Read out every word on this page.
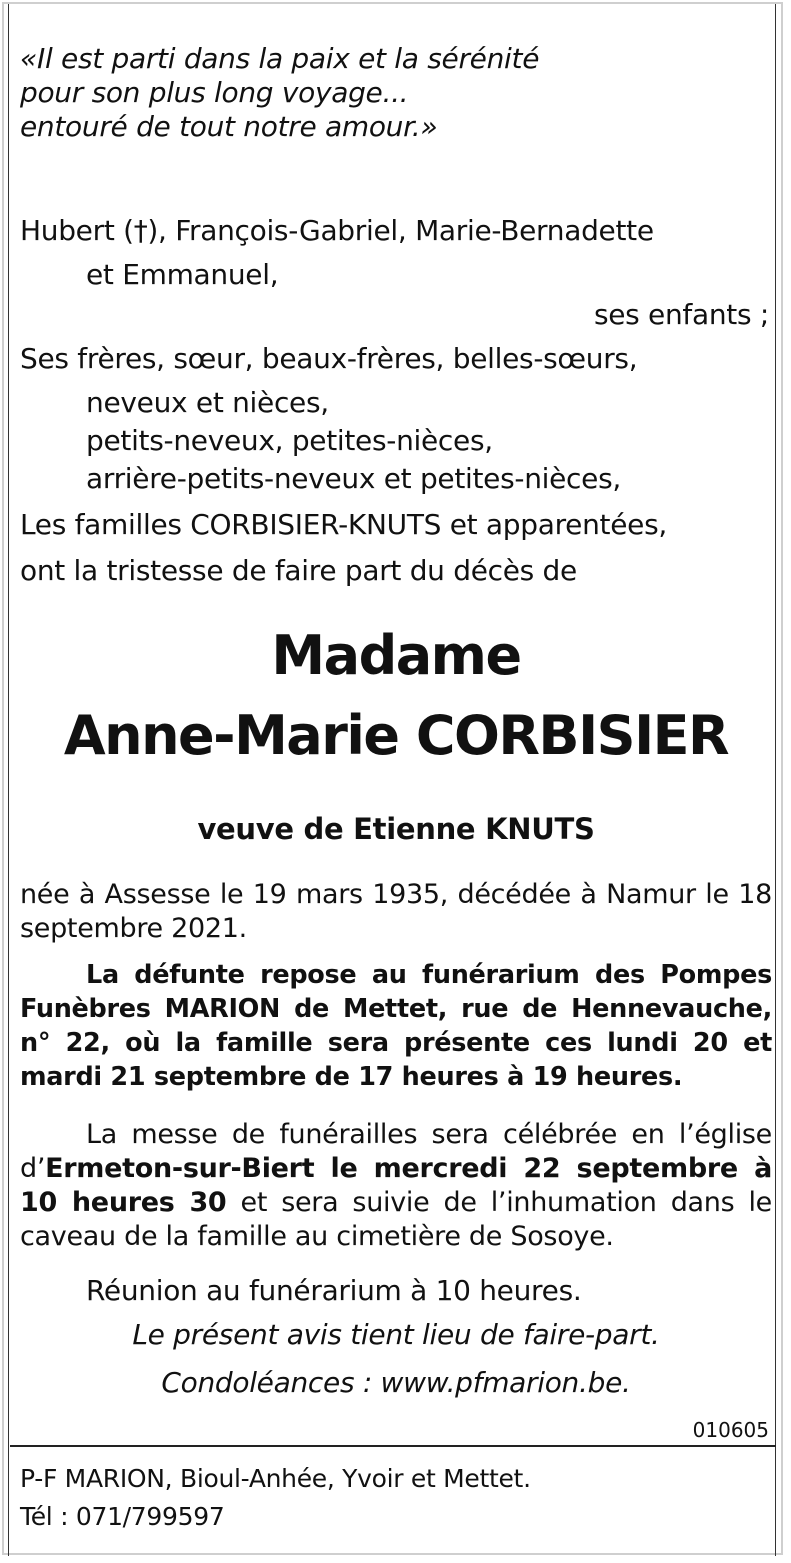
«Il est parti dans la paix et la sérénité
pour son plus long voyage...
entouré de tout notre amour.»
Hubert (†), François-Gabriel, Marie-Bernadette
et Emmanuel,
ses enfants ;
Ses frères, sœur, beaux-frères, belles-sœurs,
neveux et nièces,
petits-neveux, petites-nièces,
arrière-petits-neveux et petites-nièces,
Les familles CORBISIER-KNUTS et apparentées,
ont la tristesse de faire part du décès de
Madame
Anne-Marie CORBISIER
veuve de Etienne KNUTS
née à Assesse le 19 mars 1935, décédée à Namur le 18 septembre 2021.
La défunte repose au funérarium des Pompes Funèbres MARION de Mettet, rue de Hennevauche, n° 22, où la famille sera présente ces lundi 20 et mardi 21 septembre de 17 heures à 19 heures.
La messe de funérailles sera célébrée en l’église d’Ermeton-sur-Biert le mercredi 22 septembre à 10 heures 30 et sera suivie de l’inhumation dans le caveau de la famille au cimetière de Sosoye.
Réunion au funérarium à 10 heures.
Le présent avis tient lieu de faire-part.
Condoléances : www.pfmarion.be.
010605
P-F MARION, Bioul-Anhée, Yvoir et Mettet.
Tél : 071/799597
